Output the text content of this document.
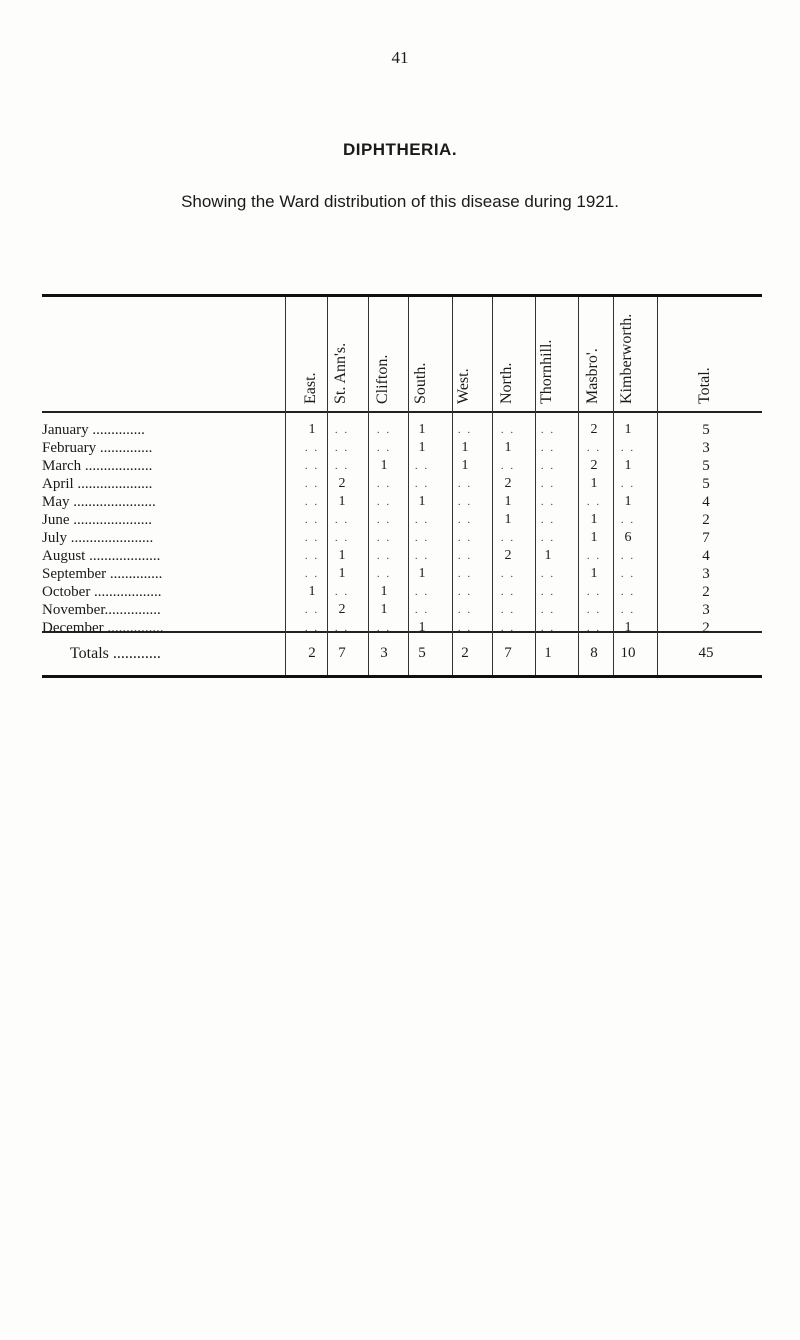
41
DIPHTHERIA.
Showing the Ward distribution of this disease during 1921.
East. St. Ann's. Clifton. South. West. North. Thornhill. Masbro'. Kimberworth.	Total.
January ..............	1	. .	. .	1	. .	. .	. .	2	1	5
February ..............	. .	. .	. .	1	1	1	. .	. .	. .	3
March ..................	. .	. .	1	. .	1	. .	. .	2	1	5
April ....................	. .	2	. .	. .	. .	2	. .	1	. .	5
May ......................	. .	1	. .	1	. .	1	. .	. .	1	4
June .....................	. .	. .	. .	. .	. .	1	. .	1	. .	2
July ......................	. .	. .	. .	. .	. .	. .	. .	1	6	7
August ...................	. .	1	. .	. .	. .	2	1	. .	. .	4
September ..............	. .	1	. .	1	. .	. .	. .	1	. .	3
October ..................	1	. .	1	. .	. .	. .	. .	. .	. .	2
November...............	. .	2	1	. .	. .	. .	. .	. .	. .	3
December ...............	. .	. .	. .	1	. .	. .	. .	. .	1	2
Totals ............	2	7	3	5	2	7	1	8	10	45
